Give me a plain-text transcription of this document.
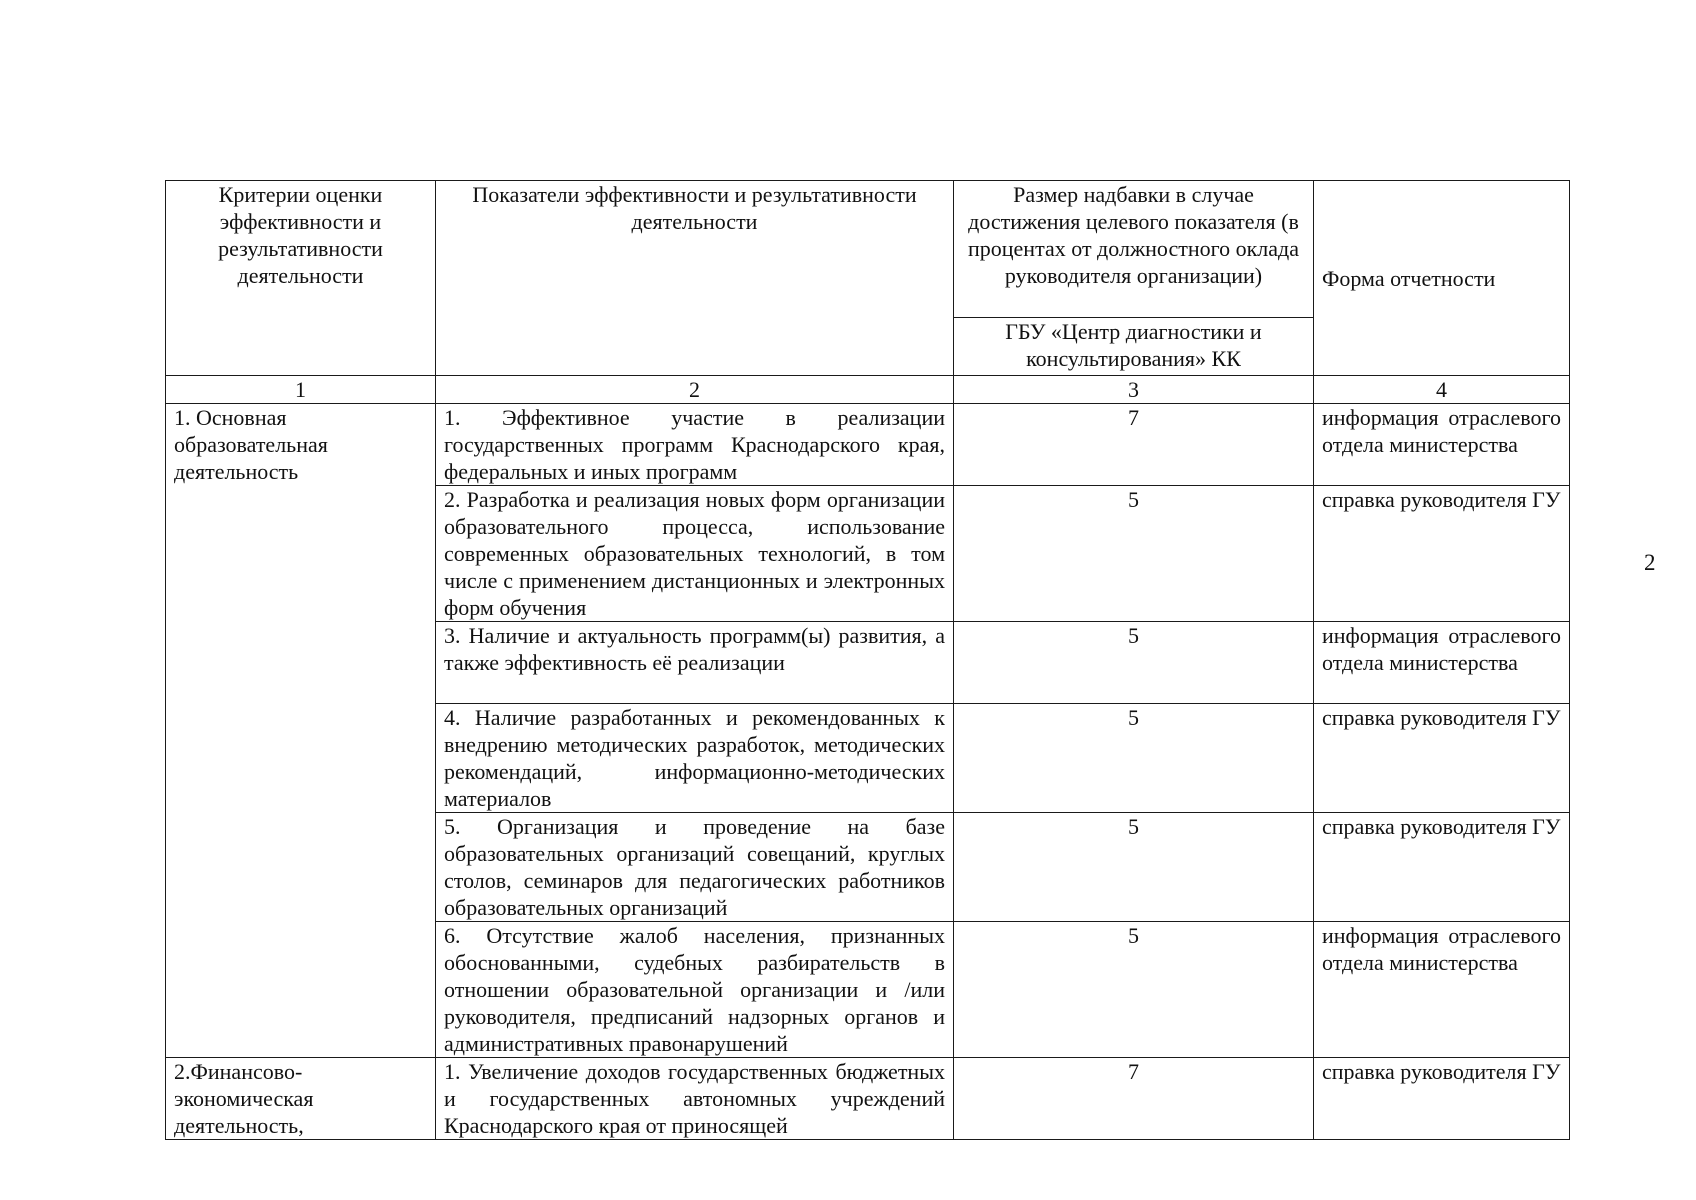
2
Критерии оценки эффективности и результативности деятельности	Показатели эффективности и результативности деятельности	Размер надбавки в случае достижения целевого показателя (в процентах от должностного оклада руководителя организации)	Форма отчетности
		ГБУ «Центр диагностики и консультирования» КК	
1	2	3	4
1. Основная образовательная деятельность	1. Эффективное участие в реализации государственных программ Краснодарского края, федеральных и иных программ	7	информация отраслевого отдела министерства
	2. Разработка и реализация новых форм организации образовательного процесса, использование современных образовательных технологий, в том числе с применением дистанционных и электронных форм обучения	5	справка руководителя ГУ
	3. Наличие и актуальность программ(ы) развития, а также эффективность её реализации	5	информация отраслевого отдела министерства
	4. Наличие разработанных и рекомендованных к внедрению методических разработок, методических рекомендаций, информационно-методических материалов	5	справка руководителя ГУ
	5. Организация и проведение на базе образовательных организаций совещаний, круглых столов, семинаров для педагогических работников образовательных организаций	5	справка руководителя ГУ
	6. Отсутствие жалоб населения, признанных обоснованными, судебных разбирательств в отношении образовательной организации и /или руководителя, предписаний надзорных органов и административных правонарушений	5	информация отраслевого отдела министерства
2.Финансово-экономическая деятельность,	1. Увеличение доходов государственных бюджетных и государственных автономных учреждений Краснодарского края от приносящей	7	справка руководителя ГУ
